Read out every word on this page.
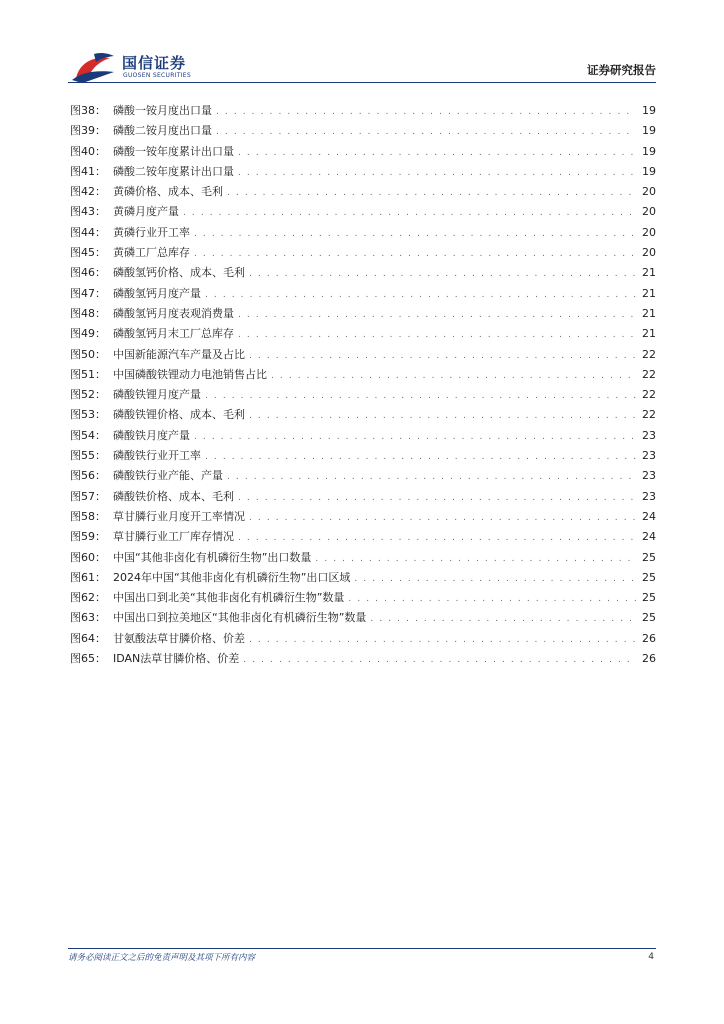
国信证券
GUOSEN SECURITIES	证券研究报告
图38： 磷酸一铵月度出口量 . . .	19
图39： 磷酸二铵月度出口量 . . .	19
图40： 磷酸一铵年度累计出口量 . . .	19
图41： 磷酸二铵年度累计出口量 . . .	19
图42： 黄磷价格、成本、毛利 . . .	20
图43： 黄磷月度产量 . . .	20
图44： 黄磷行业开工率 . . .	20
图45： 黄磷工厂总库存 . . .	20
图46： 磷酸氢钙价格、成本、毛利 . . .	21
图47： 磷酸氢钙月度产量 . . .	21
图48： 磷酸氢钙月度表观消费量 . . .	21
图49： 磷酸氢钙月末工厂总库存 . . .	21
图50： 中国新能源汽车产量及占比 . . .	22
图51： 中国磷酸铁锂动力电池销售占比 . . .	22
图52： 磷酸铁锂月度产量 . . .	22
图53： 磷酸铁锂价格、成本、毛利 . . .	22
图54： 磷酸铁月度产量 . . .	23
图55： 磷酸铁行业开工率 . . .	23
图56： 磷酸铁行业产能、产量 . . .	23
图57： 磷酸铁价格、成本、毛利 . . .	23
图58： 草甘膦行业月度开工率情况 . . .	24
图59： 草甘膦行业工厂库存情况 . . .	24
图60： 中国“其他非卤化有机磷衍生物”出口数量 . . .	25
图61： 2024年中国“其他非卤化有机磷衍生物”出口区域 . . .	25
图62： 中国出口到北美“其他非卤化有机磷衍生物”数量 . . .	25
图63： 中国出口到拉美地区“其他非卤化有机磷衍生物”数量 . . .	25
图64： 甘氨酸法草甘膦价格、价差 . . .	26
图65： IDAN法草甘膦价格、价差 . . .	26
请务必阅读正文之后的免责声明及其项下所有内容	4
